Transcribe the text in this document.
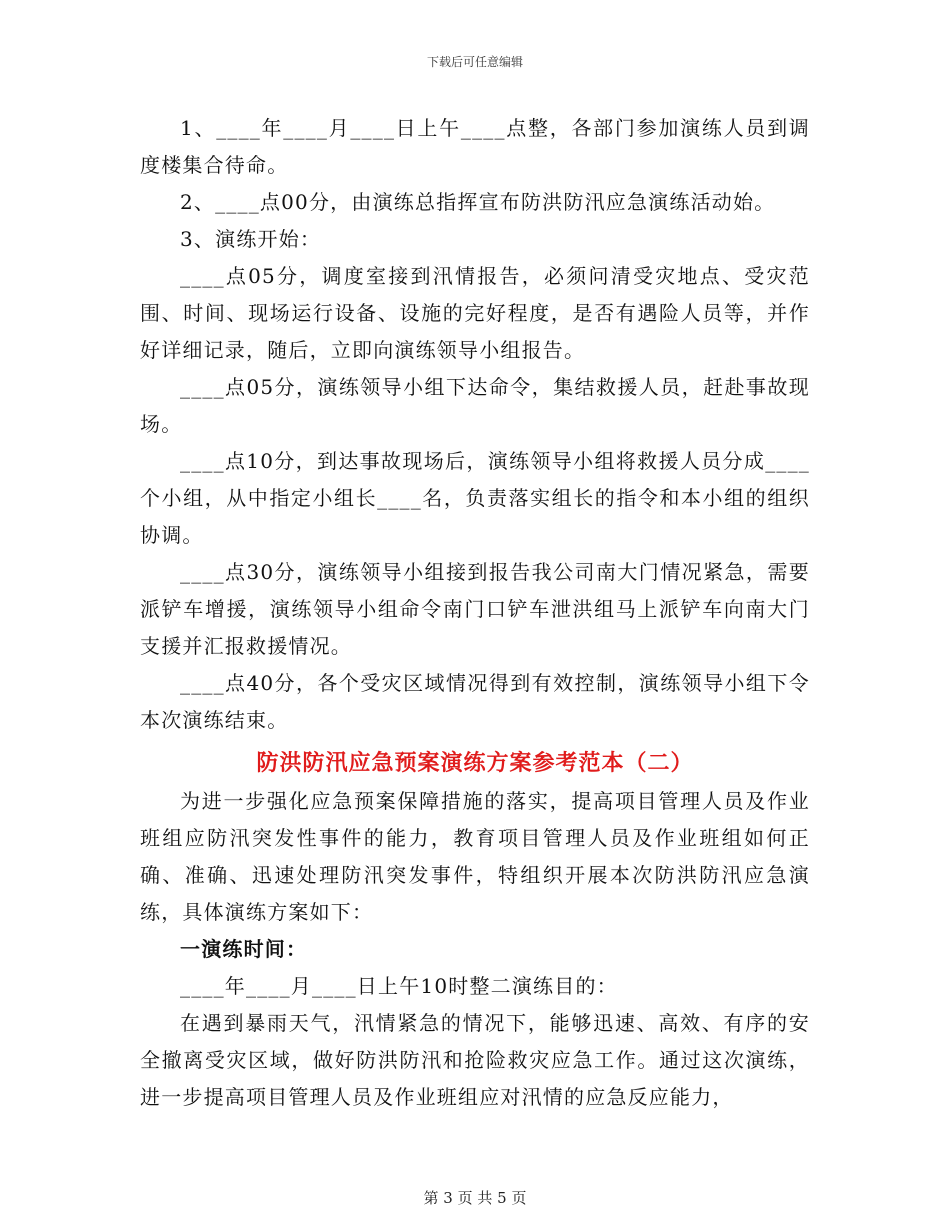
下载后可任意编辑

1、____年____月____日上午____点整，各部门参加演练人员到调度楼集合待命。

2、____点00分，由演练总指挥宣布防洪防汛应急演练活动始。

3、演练开始：

____点05分，调度室接到汛情报告，必须问清受灾地点、受灾范围、时间、现场运行设备、设施的完好程度，是否有遇险人员等，并作好详细记录，随后，立即向演练领导小组报告。

____点05分，演练领导小组下达命令，集结救援人员，赶赴事故现场。

____点10分，到达事故现场后，演练领导小组将救援人员分成____个小组，从中指定小组长____名，负责落实组长的指令和本小组的组织协调。

____点30分，演练领导小组接到报告我公司南大门情况紧急，需要派铲车增援，演练领导小组命令南门口铲车泄洪组马上派铲车向南大门支援并汇报救援情况。

____点40分，各个受灾区域情况得到有效控制，演练领导小组下令本次演练结束。

防洪防汛应急预案演练方案参考范本（二）

为进一步强化应急预案保障措施的落实，提高项目管理人员及作业班组应防汛突发性事件的能力，教育项目管理人员及作业班组如何正确、准确、迅速处理防汛突发事件，特组织开展本次防洪防汛应急演练，具体演练方案如下：

一演练时间：

____年____月____日上午10时整二演练目的：

在遇到暴雨天气，汛情紧急的情况下，能够迅速、高效、有序的安全撤离受灾区域，做好防洪防汛和抢险救灾应急工作。通过这次演练，进一步提高项目管理人员及作业班组应对汛情的应急反应能力，

第 3 页 共 5 页
